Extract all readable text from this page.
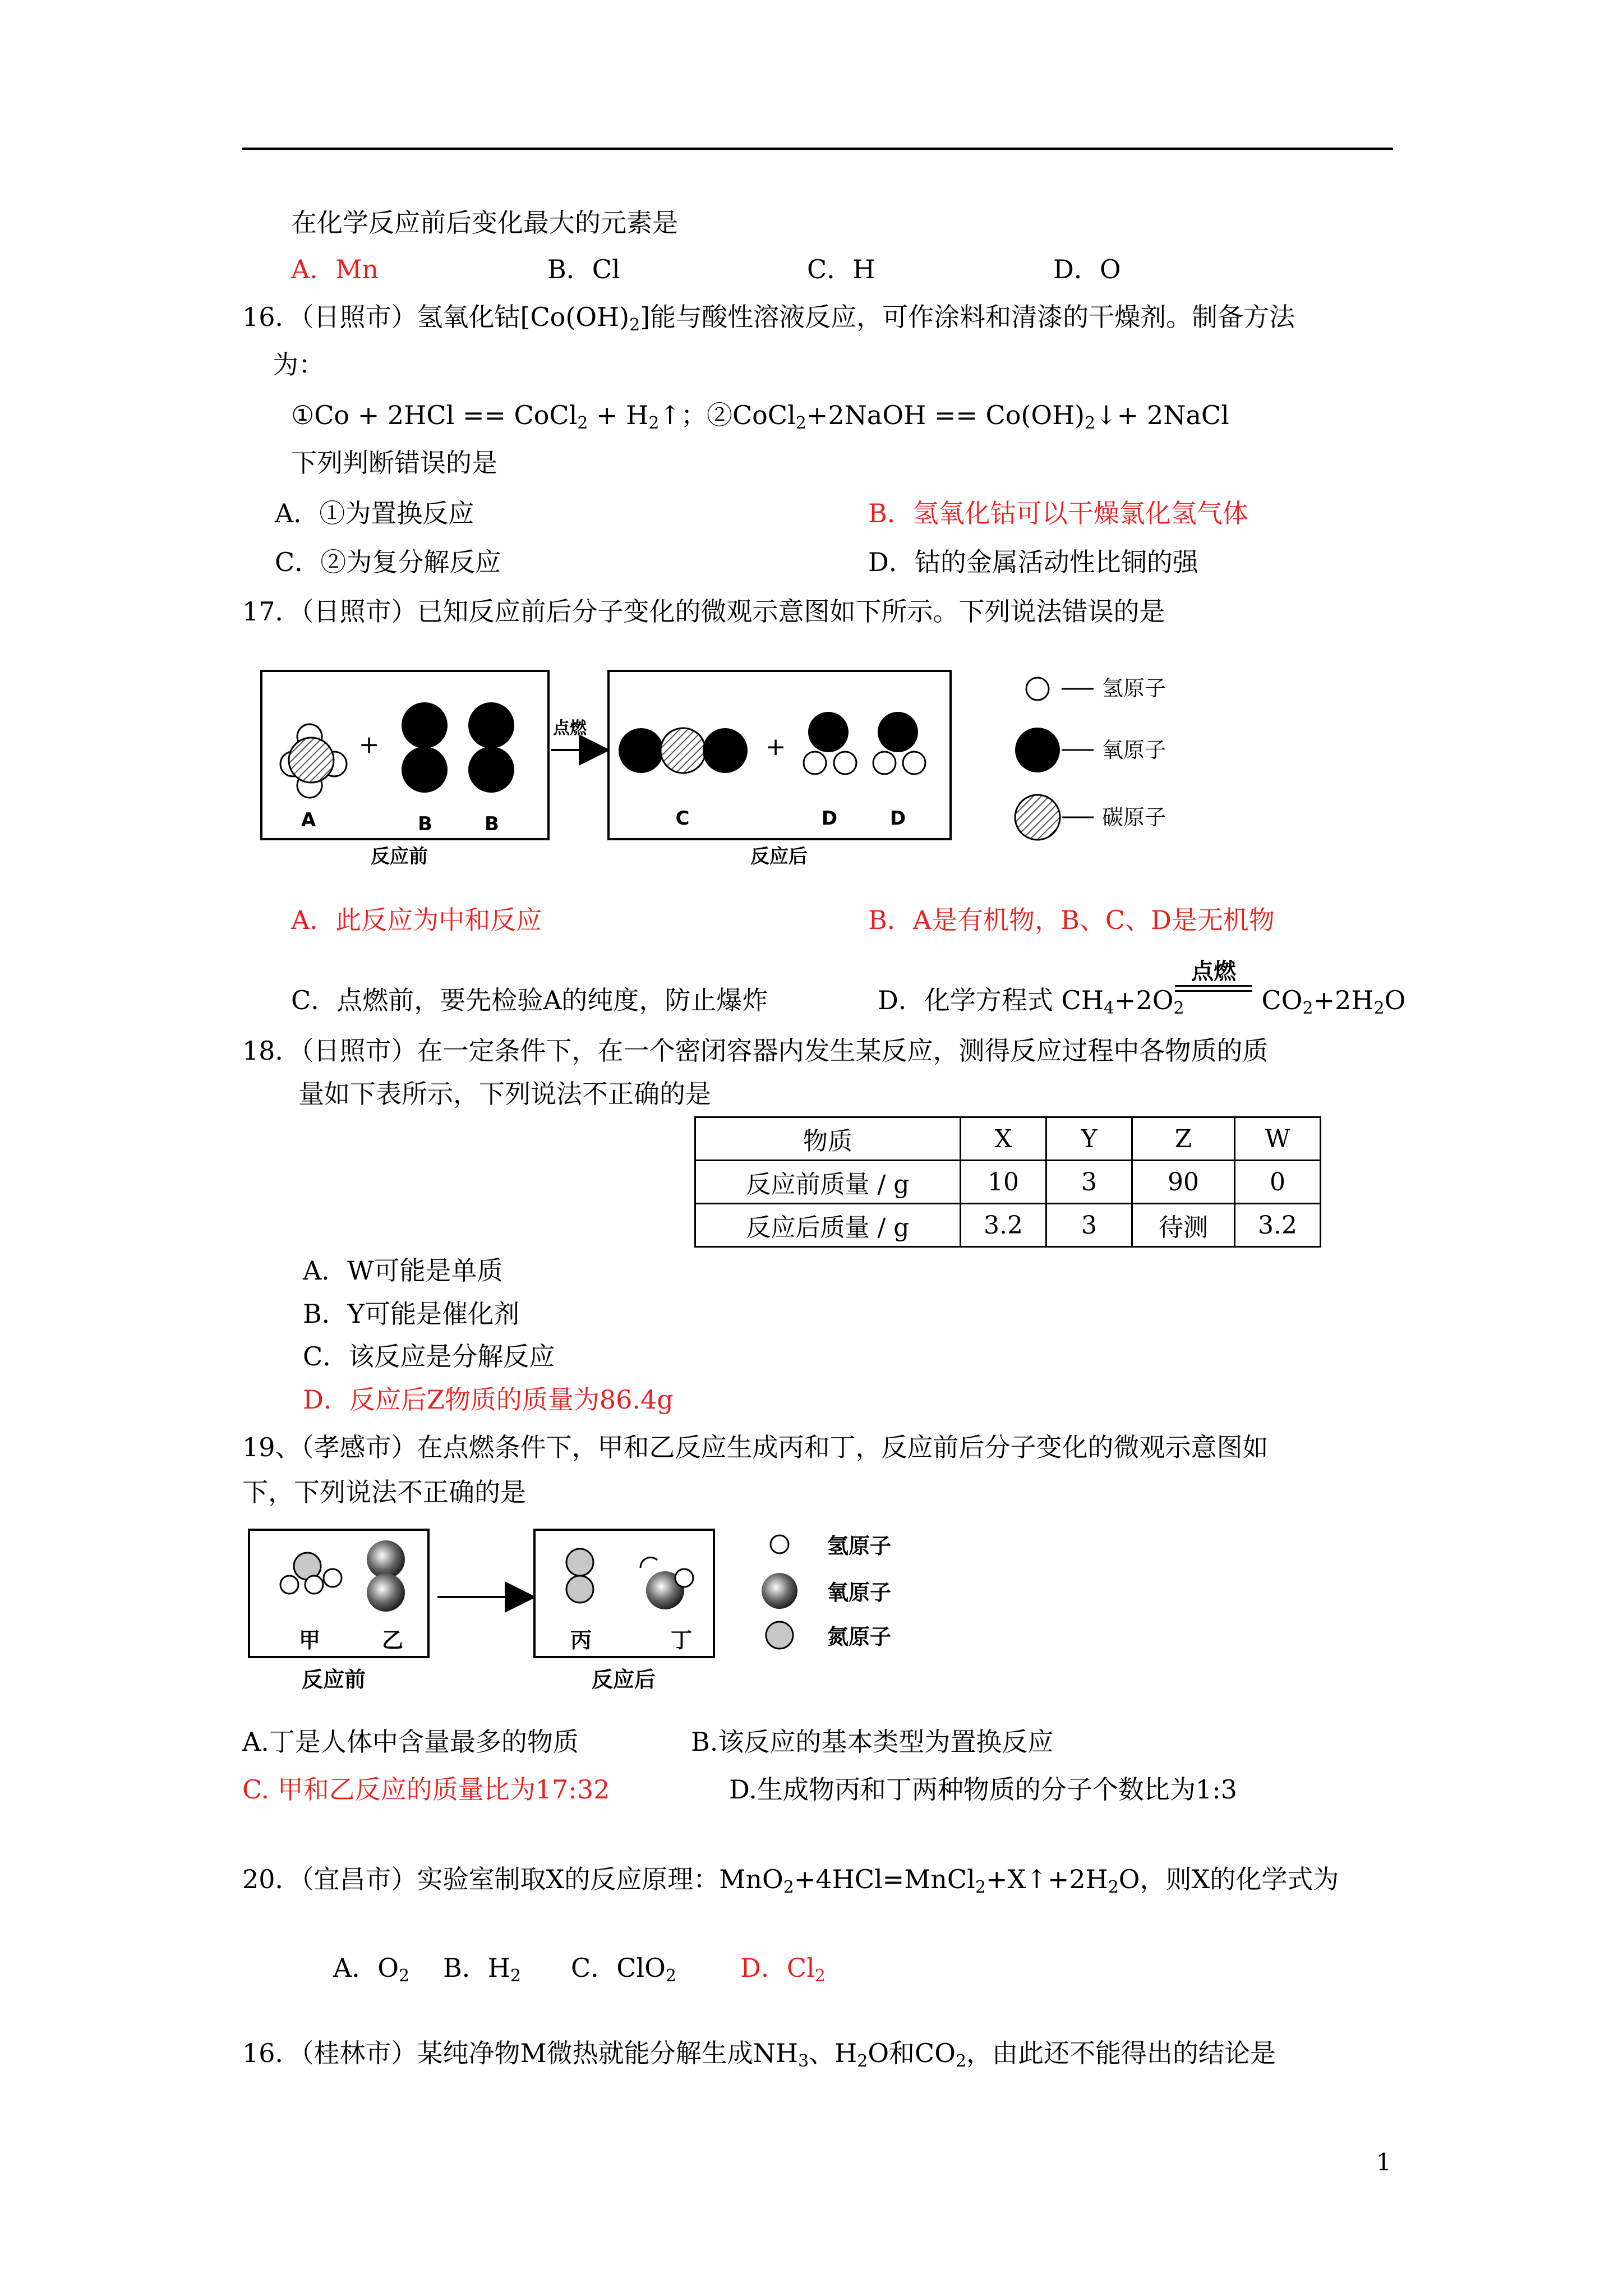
在化学反应前后变化最大的元素是
A．Mn	B．Cl	C．H	D．O
16．（日照市）氢氧化钴$[Co(OH)_2]$能与酸性溶液反应，可作涂料和清漆的干燥剂。制备方法
为：
①Co + 2HCl == CoCl$_2$ + $H_2↑$；②CoCl$_2$+2NaOH == $Co(OH)_2↓+$ 2NaCl
下列判断错误的是
A．①为置换反应	B．氢氧化钴可以干燥氯化氢气体
C．②为复分解反应	D．钴的金属活动性比铜的强
17．（日照市）已知反应前后分子变化的微观示意图如下所示。下列说法错误的是
+
A	B	B
反应前
点燃
+
C	D	D
反应后
氢原子
氧原子
碳原子
A．此反应为中和反应	B．A是有机物，B、C、D是无机物
C．点燃前，要先检验A的纯度，防止爆炸	D．化学方程式 $CH_4+2O_2$	$CO_2+2H_2O$
点燃
18．（日照市）在一定条件下，在一个密闭容器内发生某反应，测得反应过程中各物质的质
量如下表所示，下列说法不正确的是
物质	X	Y	Z	W
反应前质量 / g	10	3	90	0
反应后质量 / g	3.2	3	待测	3.2
A．W可能是单质
B．Y可能是催化剂
C．该反应是分解反应
D．反应后Z物质的质量为86.4g
19、（孝感市）在点燃条件下，甲和乙反应生成丙和丁，反应前后分子变化的微观示意图如
下，下列说法不正确的是
甲	乙
反应前
丙	丁
反应后
氢原子
氧原子
氮原子
A.丁是人体中含量最多的物质	B.该反应的基本类型为置换反应
C. 甲和乙反应的质量比为17:32	D.生成物丙和丁两种物质的分子个数比为1:3
20．（宜昌市）实验室制取X的反应原理：$MnO_2+4HCl=MnCl_2+X↑+2H_2O$，则X的化学式为
A．$O_2$ B．$H_2$ C．ClO$_2$ D．$Cl_2$
16．（桂林市）某纯净物M微热就能分解生成$NH_3$、$H_2O$和$CO_2$，由此还不能得出的结论是
1
